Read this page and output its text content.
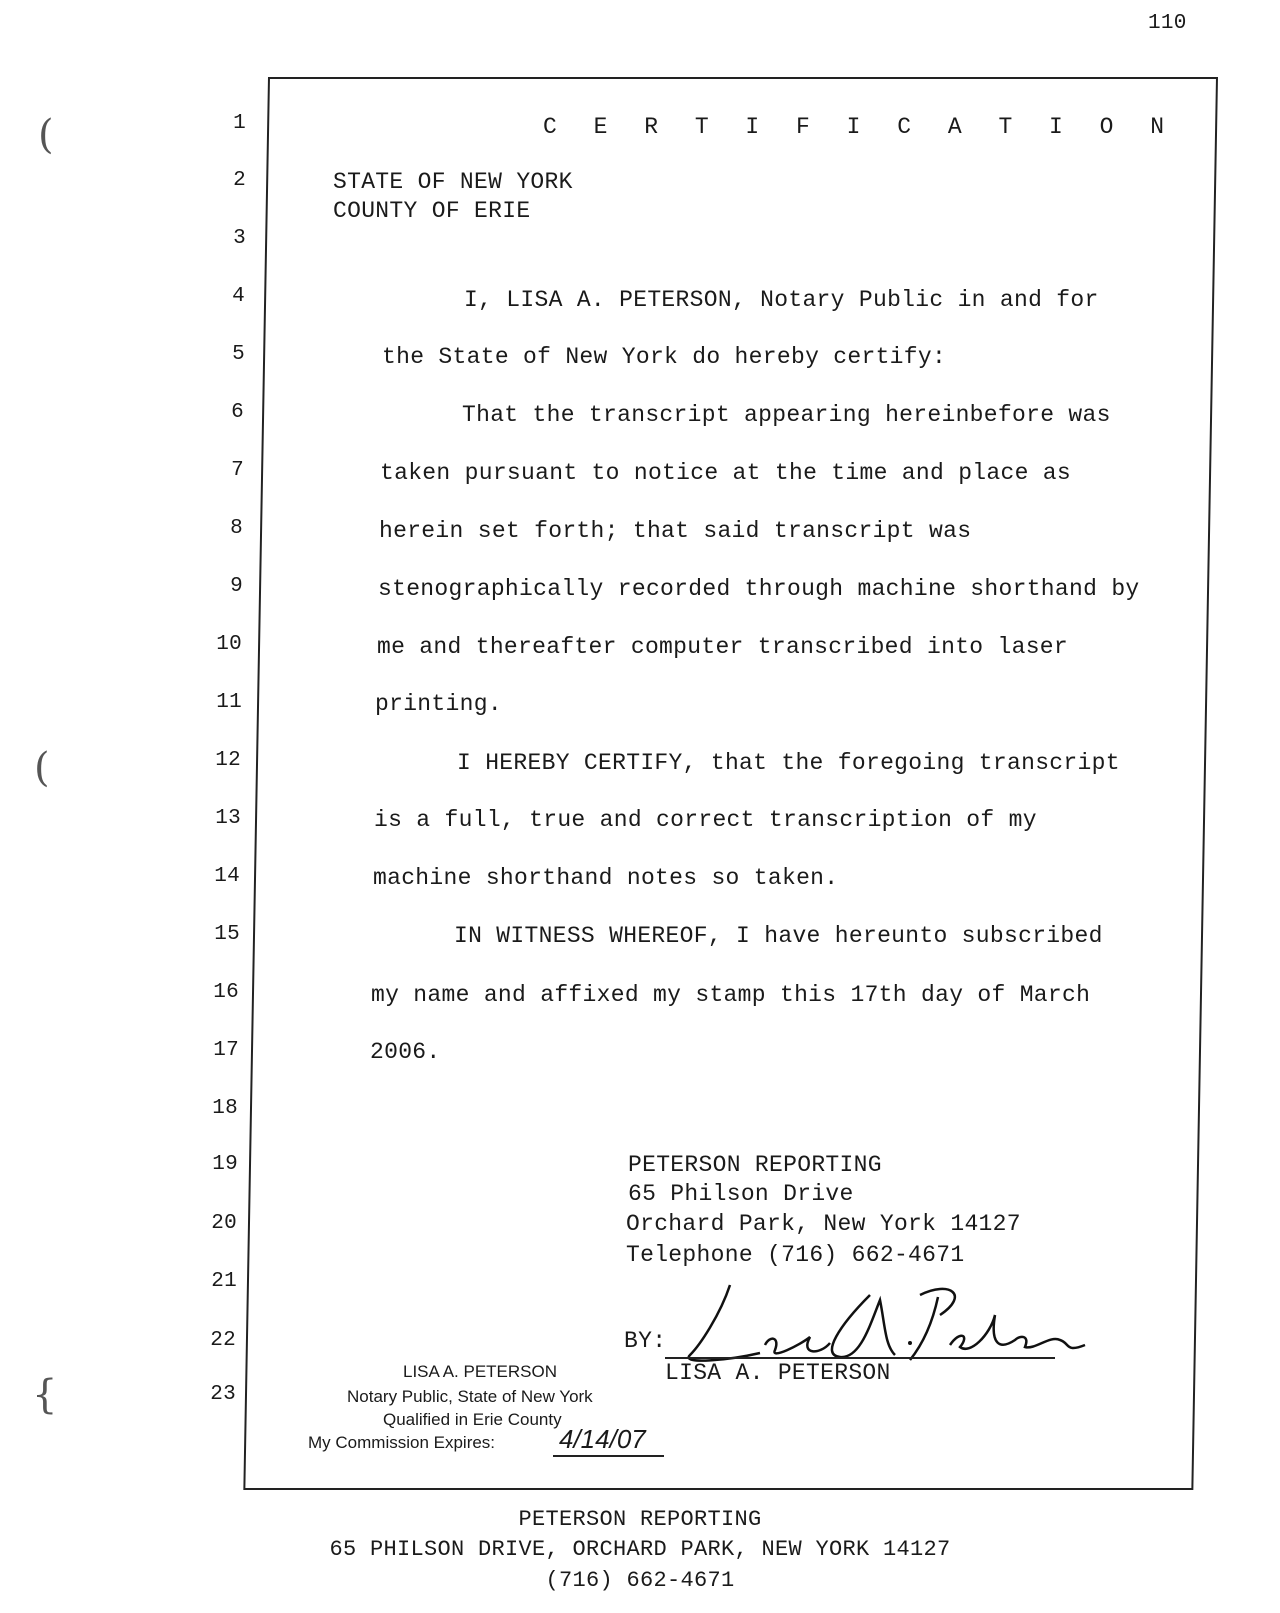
110
(
(
{
1
2
3
4
5
6
7
8
9
10
11
12
13
14
15
16
17
18
19
20
21
22
23
C E R T I F I C A T I O N
STATE OF NEW YORK
COUNTY OF ERIE
I, LISA A. PETERSON, Notary Public in and for
the State of New York do hereby certify:
That the transcript appearing hereinbefore was
taken pursuant to notice at the time and place as
herein set forth; that said transcript was
stenographically recorded through machine shorthand by
me and thereafter computer transcribed into laser
printing.
I HEREBY CERTIFY, that the foregoing transcript
is a full, true and correct transcription of my
machine shorthand notes so taken.
IN WITNESS WHEREOF, I have hereunto subscribed
my name and affixed my stamp this 17th day of March
2006.
PETERSON REPORTING
65 Philson Drive
Orchard Park, New York 14127
Telephone (716) 662-4671
BY:
LISA A. PETERSON
LISA A. PETERSON
Notary Public, State of New York
Qualified in Erie County
My Commission Expires: 4/14/07
PETERSON REPORTING
65 PHILSON DRIVE, ORCHARD PARK, NEW YORK 14127
(716) 662-4671
